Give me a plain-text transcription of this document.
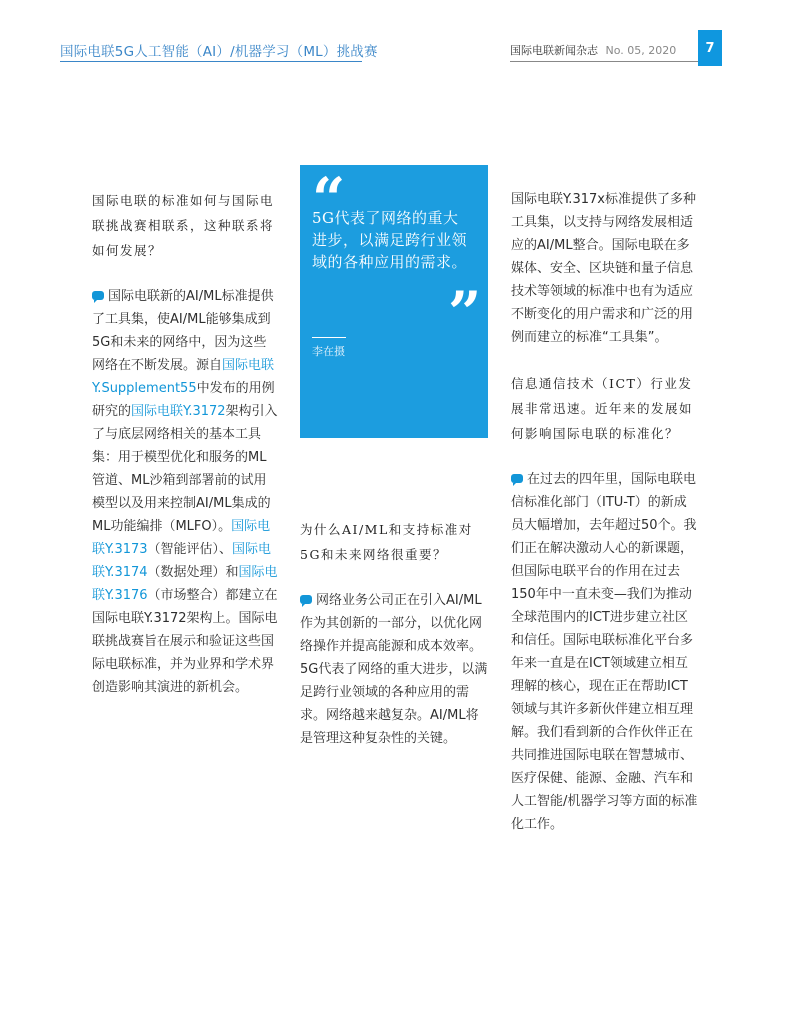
国际电联5G人工智能（AI）/机器学习（ML）挑战赛	国际电联新闻杂志 No. 05, 2020	7
国际电联的标准如何与国际电联挑战赛相联系，这种联系将如何发展？
国际电联新的AI/ML标准提供了工具集，使AI/ML能够集成到5G和未来的网络中，因为这些网络在不断发展。源自国际电联Y.Supplement55中发布的用例研究的国际电联Y.3172架构引入了与底层网络相关的基本工具集：用于模型优化和服务的ML管道、ML沙箱到部署前的试用模型以及用来控制AI/ML集成的ML功能编排（MLFO）。国际电联Y.3173（智能评估）、国际电联Y.3174（数据处理）和国际电联Y.3176（市场整合）都建立在国际电联Y.3172架构上。国际电联挑战赛旨在展示和验证这些国际电联标准，并为业界和学术界创造影响其演进的新机会。
“
5G代表了网络的重大进步，以满足跨行业领域的各种应用的需求。
”
李在摄
为什么AI/ML和支持标准对5G和未来网络很重要？
网络业务公司正在引入AI/ML作为其创新的一部分，以优化网络操作并提高能源和成本效率。5G代表了网络的重大进步，以满足跨行业领域的各种应用的需求。网络越来越复杂。AI/ML将是管理这种复杂性的关键。
国际电联Y.317x标准提供了多种工具集，以支持与网络发展相适应的AI/ML整合。国际电联在多媒体、安全、区块链和量子信息技术等领域的标准中也有为适应不断变化的用户需求和广泛的用例而建立的标准“工具集”。
信息通信技术（ICT）行业发展非常迅速。近年来的发展如何影响国际电联的标准化？
在过去的四年里，国际电联电信标准化部门（ITU-T）的新成员大幅增加，去年超过50个。我们正在解决激动人心的新课题，但国际电联平台的作用在过去150年中一直未变—我们为推动全球范围内的ICT进步建立社区和信任。国际电联标准化平台多年来一直是在ICT领域建立相互理解的核心，现在正在帮助ICT领域与其许多新伙伴建立相互理解。我们看到新的合作伙伴正在共同推进国际电联在智慧城市、医疗保健、能源、金融、汽车和人工智能/机器学习等方面的标准化工作。
